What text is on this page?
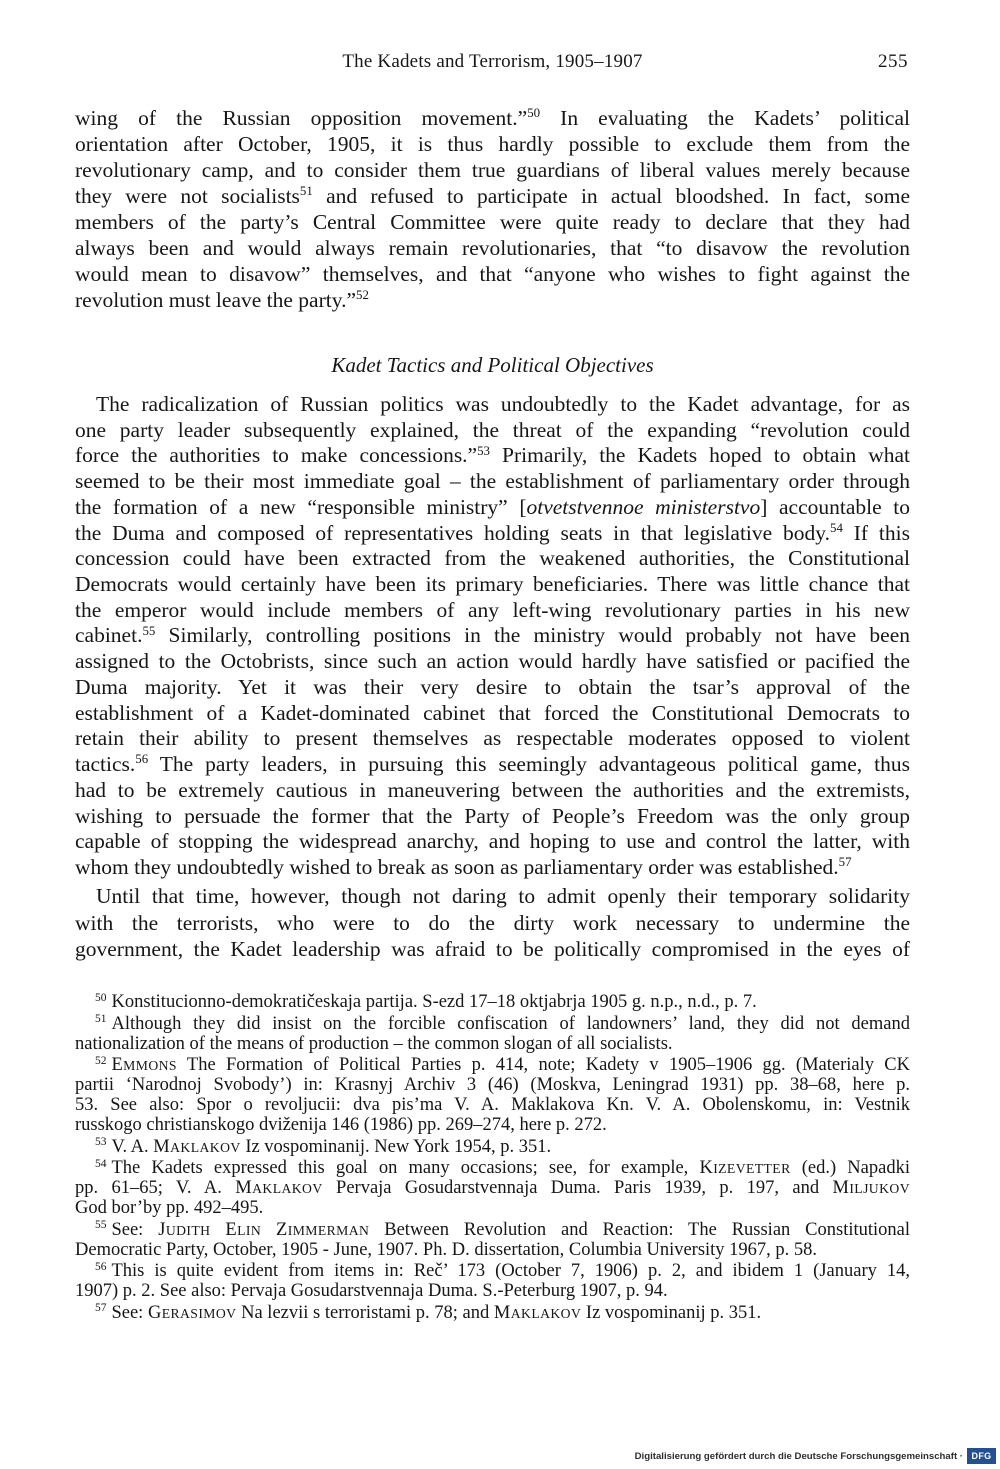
The Kadets and Terrorism, 1905–1907	255
wing of the Russian opposition movement.”$^{50}$ In evaluating the Kadets’ political
orientation after October, 1905, it is thus hardly possible to exclude them from the
revolutionary camp, and to consider them true guardians of liberal values merely because
they were not socialists$^{51}$ and refused to participate in actual bloodshed. In fact, some
members of the party’s Central Committee were quite ready to declare that they had
always been and would always remain revolutionaries, that “to disavow the revolution
would mean to disavow” themselves, and that “anyone who wishes to fight against the
revolution must leave the party.”$^{52}$
Kadet Tactics and Political Objectives
The radicalization of Russian politics was undoubtedly to the Kadet advantage, for as
one party leader subsequently explained, the threat of the expanding “revolution could
force the authorities to make concessions.”$^{53}$ Primarily, the Kadets hoped to obtain what
seemed to be their most immediate goal – the establishment of parliamentary order through
the formation of a new “responsible ministry” [otvetstvennoe ministerstvo] accountable to
the Duma and composed of representatives holding seats in that legislative body.$^{54}$ If this
concession could have been extracted from the weakened authorities, the Constitutional
Democrats would certainly have been its primary beneficiaries. There was little chance that
the emperor would include members of any left-wing revolutionary parties in his new
cabinet.$^{55}$ Similarly, controlling positions in the ministry would probably not have been
assigned to the Octobrists, since such an action would hardly have satisfied or pacified the
Duma majority. Yet it was their very desire to obtain the tsar’s approval of the
establishment of a Kadet-dominated cabinet that forced the Constitutional Democrats to
retain their ability to present themselves as respectable moderates opposed to violent
tactics.$^{56}$ The party leaders, in pursuing this seemingly advantageous political game, thus
had to be extremely cautious in maneuvering between the authorities and the extremists,
wishing to persuade the former that the Party of People’s Freedom was the only group
capable of stopping the widespread anarchy, and hoping to use and control the latter, with
whom they undoubtedly wished to break as soon as parliamentary order was established.$^{57}$
Until that time, however, though not daring to admit openly their temporary solidarity
with the terrorists, who were to do the dirty work necessary to undermine the
government, the Kadet leadership was afraid to be politically compromised in the eyes of
$^{50}$ Konstitucionno-demokratičeskaja partija. S-ezd 17–18 oktjabrja 1905 g. n.p., n.d., p. 7.
$^{51}$ Although they did insist on the forcible confiscation of landowners’ land, they did not demand
nationalization of the means of production – the common slogan of all socialists.
$^{52}$ EMMONS The Formation of Political Parties p. 414, note; Kadety v 1905–1906 gg. (Materialy CK
partii ‘Narodnoj Svobody’) in: Krasnyj Archiv 3 (46) (Moskva, Leningrad 1931) pp. 38–68, here p.
53. See also: Spor o revoljucii: dva pis’ma V. A. Maklakova Kn. V. A. Obolenskomu, in: Vestnik
russkogo christianskogo dviženija 146 (1986) pp. 269–274, here p. 272.
$^{53}$ V. A. MAKLAKOV Iz vospominanij. New York 1954, p. 351.
$^{54}$ The Kadets expressed this goal on many occasions; see, for example, KIZEVETTER (ed.) Napadki
pp. 61–65; V. A. MAKLAKOV Pervaja Gosudarstvennaja Duma. Paris 1939, p. 197, and MILJUKOV
God bor’by pp. 492–495.
$^{55}$ See: JUDITH ELIN ZIMMERMAN Between Revolution and Reaction: The Russian Constitutional
Democratic Party, October, 1905 - June, 1907. Ph. D. dissertation, Columbia University 1967, p. 58.
$^{56}$ This is quite evident from items in: Reč’ 173 (October 7, 1906) p. 2, and ibidem 1 (January 14,
1907) p. 2. See also: Pervaja Gosudarstvennaja Duma. S.-Peterburg 1907, p. 94.
$^{57}$ See: GERASIMOV Na lezvii s terroristami p. 78; and MAKLAKOV Iz vospominanij p. 351.
Digitalisierung gefördert durch die Deutsche Forschungsgemeinschaft · DFG
